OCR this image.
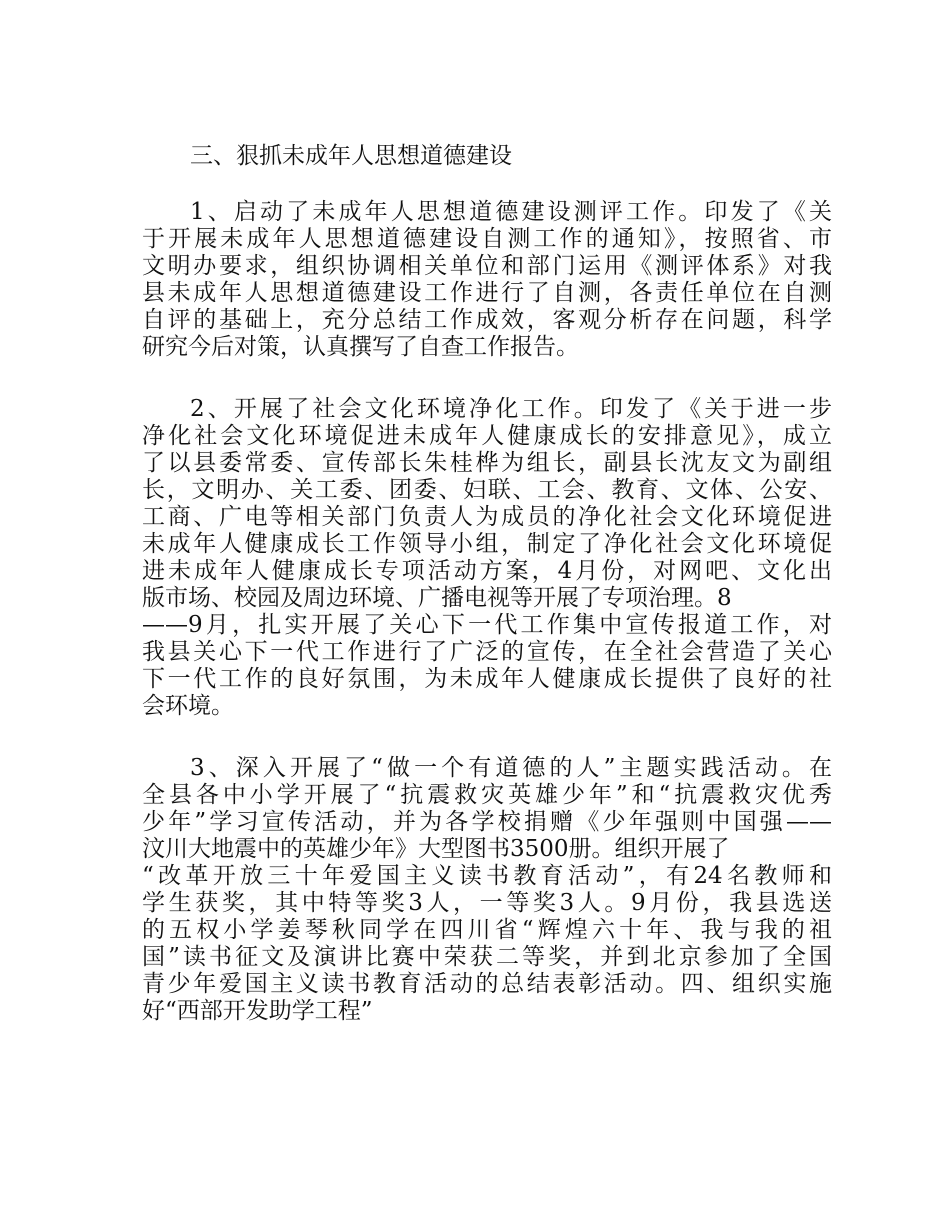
三、狠抓未成年人思想道德建设
1、启动了未成年人思想道德建设测评工作。印发了《关
于开展未成年人思想道德建设自测工作的通知》，按照省、市
文明办要求，组织协调相关单位和部门运用《测评体系》对我
县未成年人思想道德建设工作进行了自测，各责任单位在自测
自评的基础上，充分总结工作成效，客观分析存在问题，科学
研究今后对策，认真撰写了自查工作报告。
2、开展了社会文化环境净化工作。印发了《关于进一步
净化社会文化环境促进未成年人健康成长的安排意见》，成立
了以县委常委、宣传部长朱桂桦为组长，副县长沈友文为副组
长，文明办、关工委、团委、妇联、工会、教育、文体、公安、
工商、广电等相关部门负责人为成员的净化社会文化环境促进
未成年人健康成长工作领导小组，制定了净化社会文化环境促
进未成年人健康成长专项活动方案，4月份，对网吧、文化出
版市场、校园及周边环境、广播电视等开展了专项治理。8
——9月，扎实开展了关心下一代工作集中宣传报道工作，对
我县关心下一代工作进行了广泛的宣传，在全社会营造了关心
下一代工作的良好氛围，为未成年人健康成长提供了良好的社
会环境。
3、深入开展了“做一个有道德的人”主题实践活动。在
全县各中小学开展了“抗震救灾英雄少年”和“抗震救灾优秀
少年”学习宣传活动，并为各学校捐赠《少年强则中国强——
汶川大地震中的英雄少年》大型图书3500册。组织开展了
“改革开放三十年爱国主义读书教育活动”，有24名教师和
学生获奖，其中特等奖3人，一等奖3人。9月份，我县选送
的五权小学姜琴秋同学在四川省“辉煌六十年、我与我的祖
国”读书征文及演讲比赛中荣获二等奖，并到北京参加了全国
青少年爱国主义读书教育活动的总结表彰活动。四、组织实施
好“西部开发助学工程”
